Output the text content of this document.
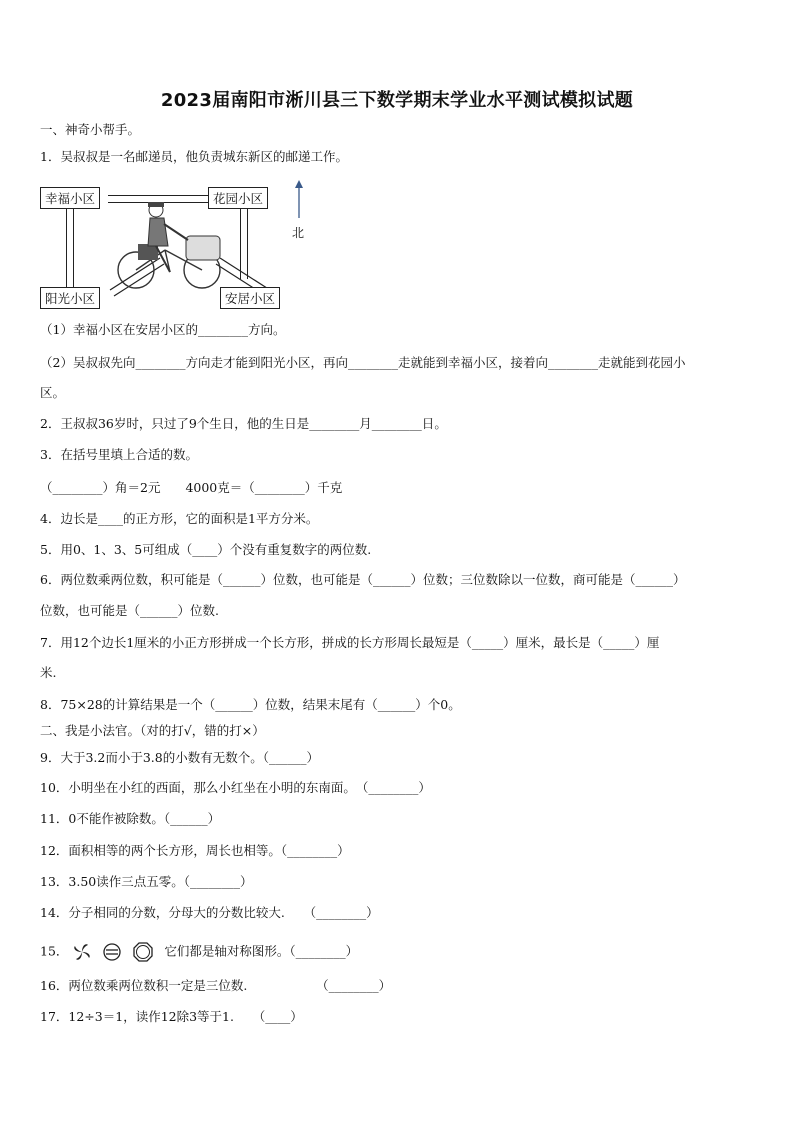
2023届南阳市淅川县三下数学期末学业水平测试模拟试题
一、神奇小帮手。
1．吴叔叔是一名邮递员，他负责城东新区的邮递工作。
幸福小区	花园小区
阳光小区	安居小区
北
（1）幸福小区在安居小区的________方向。
（2）吴叔叔先向________方向走才能到阳光小区，再向________走就能到幸福小区，接着向________走就能到花园小
区。
2．王叔叔36岁时，只过了9个生日，他的生日是________月________日。
3．在括号里填上合适的数。
（________）角＝2元　　4000克＝（________）千克
4．边长是____的正方形，它的面积是1平方分米。
5．用0、1、3、5可组成（____）个没有重复数字的两位数.
6．两位数乘两位数，积可能是（______）位数，也可能是（______）位数；三位数除以一位数，商可能是（______）
位数，也可能是（______）位数.
7．用12个边长1厘米的小正方形拼成一个长方形，拼成的长方形周长最短是（_____）厘米，最长是（_____）厘
米.
8．75×28的计算结果是一个（______）位数，结果末尾有（______）个0。
二、我是小法官。（对的打√，错的打×）
9．大于3.2而小于3.8的小数有无数个。（______）
10．小明坐在小红的西面，那么小红坐在小明的东南面。　（________）
11．0不能作被除数。（______）
12．面积相等的两个长方形，周长也相等。（________）
13．3.50读作三点五零。（________）
14．分子相同的分数，分母大的分数比较大.　　（________）
15．	它们都是轴对称图形。（________）
16．两位数乘两位数积一定是三位数.　　　　　　（________）
17．12÷3＝1，读作12除3等于1.　　（____）
